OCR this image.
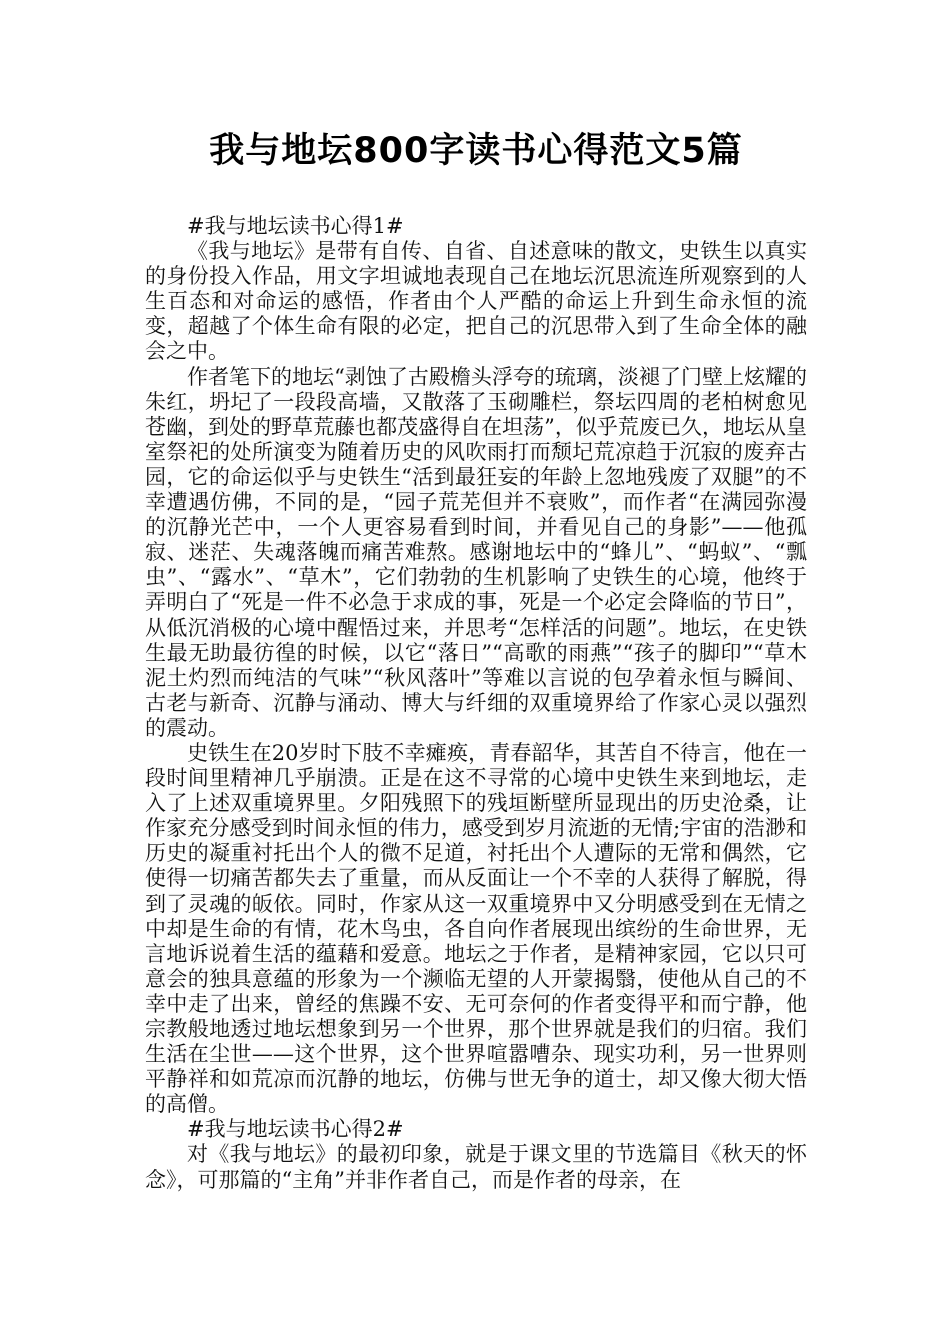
我与地坛800字读书心得范文5篇

#我与地坛读书心得1#

《我与地坛》是带有自传、自省、自述意味的散文，史铁生以真实的身份投入作品，用文字坦诚地表现自己在地坛沉思流连所观察到的人生百态和对命运的感悟，作者由个人严酷的命运上升到生命永恒的流变，超越了个体生命有限的必定，把自己的沉思带入到了生命全体的融会之中。

作者笔下的地坛“剥蚀了古殿檐头浮夸的琉璃，淡褪了门壁上炫耀的朱红，坍圮了一段段高墙，又散落了玉砌雕栏，祭坛四周的老柏树愈见苍幽，到处的野草荒藤也都茂盛得自在坦荡”，似乎荒废已久，地坛从皇室祭祀的处所演变为随着历史的风吹雨打而颓圮荒凉趋于沉寂的废弃古园，它的命运似乎与史铁生“活到最狂妄的年龄上忽地残废了双腿”的不幸遭遇仿佛，不同的是，“园子荒芜但并不衰败”，而作者“在满园弥漫的沉静光芒中，一个人更容易看到时间，并看见自己的身影”——他孤寂、迷茫、失魂落魄而痛苦难熬。感谢地坛中的“蜂儿”、“蚂蚁”、“瓢虫”、“露水”、“草木”，它们勃勃的生机影响了史铁生的心境，他终于弄明白了“死是一件不必急于求成的事，死是一个必定会降临的节日”，从低沉消极的心境中醒悟过来，并思考“怎样活的问题”。地坛，在史铁生最无助最彷徨的时候，以它“落日”“高歌的雨燕”“孩子的脚印”“草木泥土灼烈而纯洁的气味”“秋风落叶”等难以言说的包孕着永恒与瞬间、古老与新奇、沉静与涌动、博大与纤细的双重境界给了作家心灵以强烈的震动。

史铁生在20岁时下肢不幸瘫痪，青春韶华，其苦自不待言，他在一段时间里精神几乎崩溃。正是在这不寻常的心境中史铁生来到地坛，走入了上述双重境界里。夕阳残照下的残垣断壁所显现出的历史沧桑，让作家充分感受到时间永恒的伟力，感受到岁月流逝的无情;宇宙的浩渺和历史的凝重衬托出个人的微不足道，衬托出个人遭际的无常和偶然，它使得一切痛苦都失去了重量，而从反面让一个不幸的人获得了解脱，得到了灵魂的皈依。同时，作家从这一双重境界中又分明感受到在无情之中却是生命的有情，花木鸟虫，各自向作者展现出缤纷的生命世界，无言地诉说着生活的蕴藉和爱意。地坛之于作者，是精神家园，它以只可意会的独具意蕴的形象为一个濒临无望的人开蒙揭翳，使他从自己的不幸中走了出来，曾经的焦躁不安、无可奈何的作者变得平和而宁静，他宗教般地透过地坛想象到另一个世界，那个世界就是我们的归宿。我们生活在尘世——这个世界，这个世界喧嚣嘈杂、现实功利，另一世界则平静祥和如荒凉而沉静的地坛，仿佛与世无争的道士，却又像大彻大悟的高僧。

#我与地坛读书心得2#

对《我与地坛》的最初印象，就是于课文里的节选篇目《秋天的怀念》，可那篇的“主角”并非作者自己，而是作者的母亲，在
